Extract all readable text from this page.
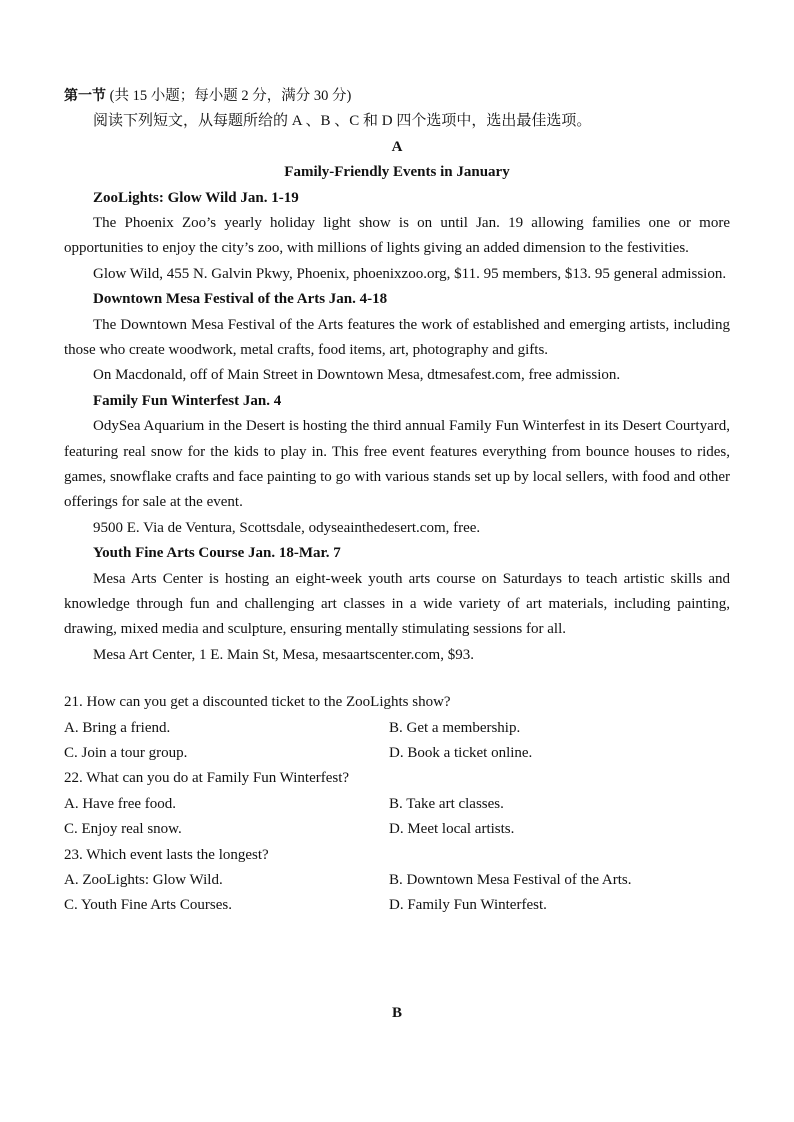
第一节 (共 15 小题；每小题 2 分，满分 30 分)
阅读下列短文，从每题所给的 A 、B 、C 和 D 四个选项中，选出最佳选项。
A
Family-Friendly Events in January
ZooLights: Glow Wild Jan. 1-19

The Phoenix Zoo’s yearly holiday light show is on until Jan. 19 allowing families one or more opportunities to enjoy the city’s zoo, with millions of lights giving an added dimension to the festivities.

Glow Wild, 455 N. Galvin Pkwy, Phoenix, phoenixzoo.org, $11. 95 members, $13. 95 general admission.

Downtown Mesa Festival of the Arts Jan. 4-18

The Downtown Mesa Festival of the Arts features the work of established and emerging artists, including those who create woodwork, metal crafts, food items, art, photography and gifts.

On Macdonald, off of Main Street in Downtown Mesa, dtmesafest.com, free admission.

Family Fun Winterfest Jan. 4

OdySea Aquarium in the Desert is hosting the third annual Family Fun Winterfest in its Desert Courtyard, featuring real snow for the kids to play in. This free event features everything from bounce houses to rides, games, snowflake crafts and face painting to go with various stands set up by local sellers, with food and other offerings for sale at the event.

9500 E. Via de Ventura, Scottsdale, odyseainthedesert.com, free.

Youth Fine Arts Course Jan. 18-Mar. 7

Mesa Arts Center is hosting an eight-week youth arts course on Saturdays to teach artistic skills and knowledge through fun and challenging art classes in a wide variety of art materials, including painting, drawing, mixed media and sculpture, ensuring mentally stimulating sessions for all.

Mesa Art Center, 1 E. Main St, Mesa, mesaartscenter.com, $93.

21. How can you get a discounted ticket to the ZooLights show?
A. Bring a friend.	B. Get a membership.
C. Join a tour group.	D. Book a ticket online.
22. What can you do at Family Fun Winterfest?
A. Have free food.	B. Take art classes.
C. Enjoy real snow.	D. Meet local artists.
23. Which event lasts the longest?
A. ZooLights: Glow Wild.	B. Downtown Mesa Festival of the Arts.
C. Youth Fine Arts Courses.	D. Family Fun Winterfest.
B
